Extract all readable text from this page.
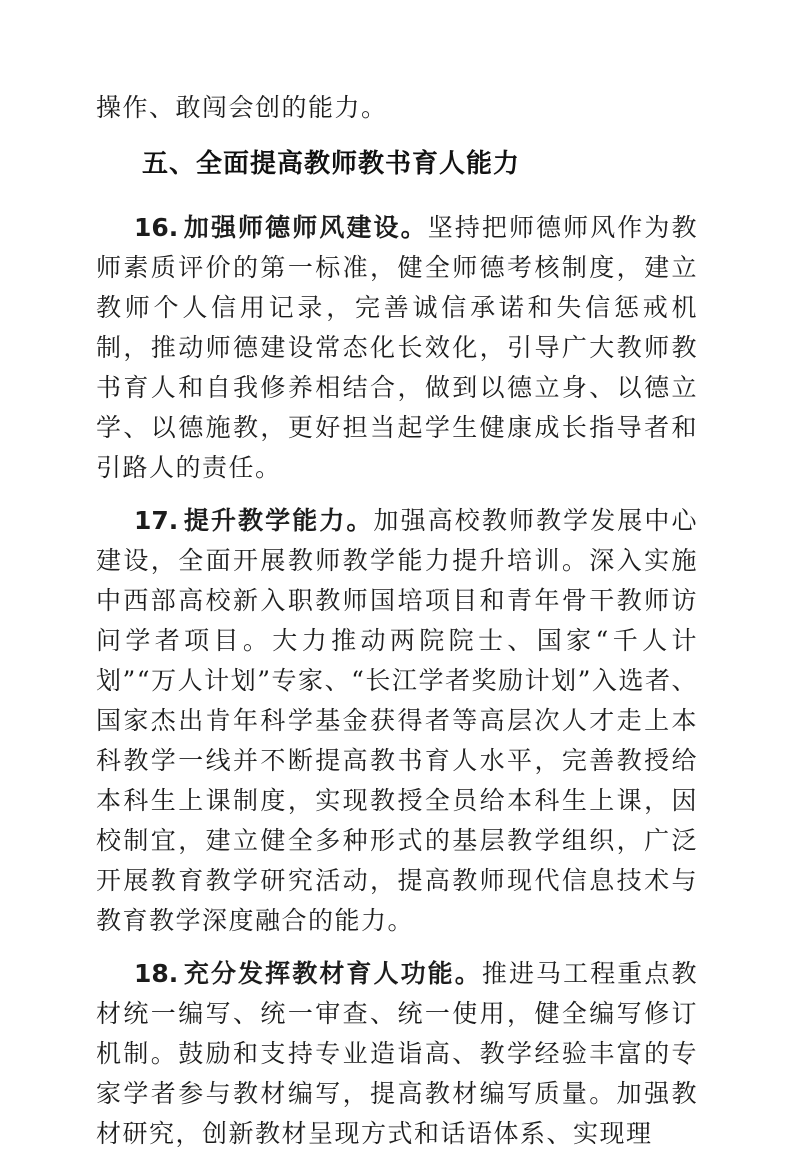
操作、敢闯会创的能力。

五、全面提高教师教书育人能力

16. 加强师德师风建设。坚持把师德师风作为教师素质评价的第一标准，健全师德考核制度，建立教师个人信用记录，完善诚信承诺和失信惩戒机制，推动师德建设常态化长效化，引导广大教师教书育人和自我修养相结合，做到以德立身、以德立学、以德施教，更好担当起学生健康成长指导者和引路人的责任。

17. 提升教学能力。加强高校教师教学发展中心建设，全面开展教师教学能力提升培训。深入实施中西部高校新入职教师国培项目和青年骨干教师访问学者项目。大力推动两院院士、国家“千人计划”“万人计划”专家、“长江学者奖励计划”入选者、国家杰出肯年科学基金获得者等高层次人才走上本科教学一线并不断提高教书育人水平，完善教授给本科生上课制度，实现教授全员给本科生上课，因校制宜，建立健全多种形式的基层教学组织，广泛开展教育教学研究活动，提高教师现代信息技术与教育教学深度融合的能力。

18. 充分发挥教材育人功能。推进马工程重点教材统一编写、统一审查、统一使用，健全编写修订机制。鼓励和支持专业造诣高、教学经验丰富的专家学者参与教材编写，提高教材编写质量。加强教材研究，创新教材呈现方式和话语体系、实现理
